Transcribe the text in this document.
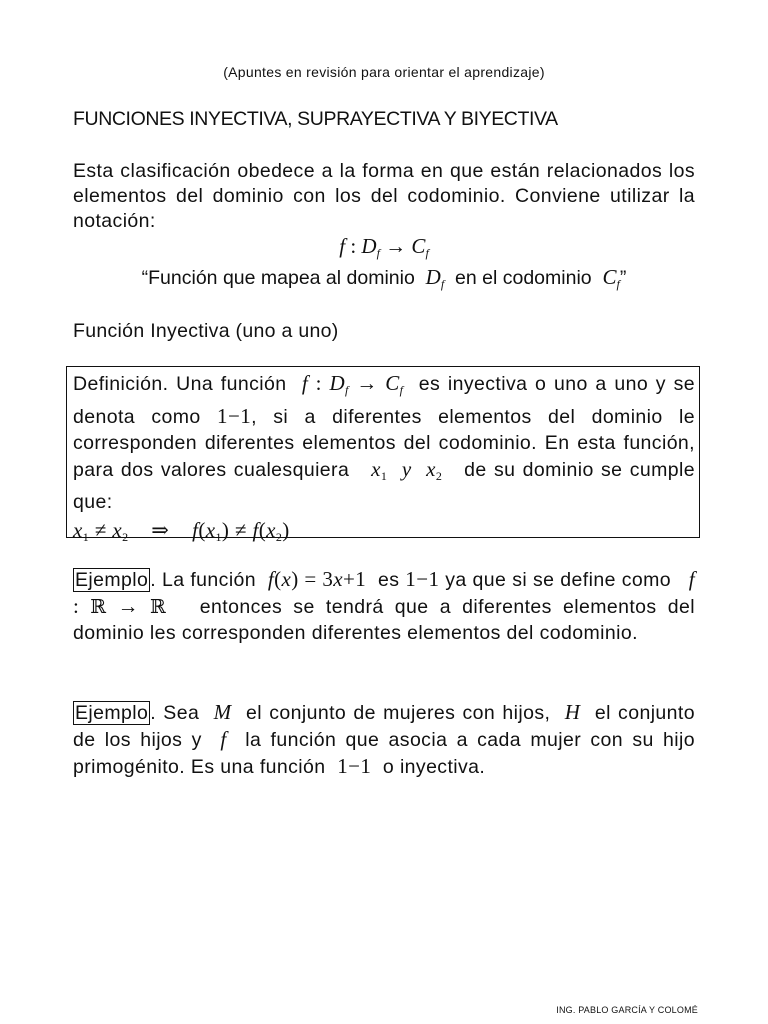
(Apuntes en revisión para orientar el aprendizaje)
FUNCIONES INYECTIVA, SUPRAYECTIVA Y BIYECTIVA
Esta clasificación obedece a la forma en que están relacionados los elementos del dominio con los del codominio. Conviene utilizar la notación:
f : $D_f \to C_f$
“Función que mapea al dominio $D_f$ en el codominio $C_f$”
Función Inyectiva (uno a uno)
Definición. Una función f : $D_f \to C_f$ es inyectiva o uno a uno y se denota como 1−1, si a diferentes elementos del dominio le corresponden diferentes elementos del codominio. En esta función, para dos valores cualesquiera $x_1$ y $x_2$ de su dominio se cumple que:
$x_1 \ne x_2$    ⇒    $f(x_1) \ne f(x_2)$
Ejemplo . La función f(x) = 3x+1 es 1−1 ya que si se define como f : ℝ → ℝ entonces se tendrá que a diferentes elementos del dominio les corresponden diferentes elementos del codominio.
Ejemplo . Sea M el conjunto de mujeres con hijos, H el conjunto de los hijos y f la función que asocia a cada mujer con su hijo primogénito. Es una función 1−1 o inyectiva.
ING. PABLO GARCÍA Y COLOMÉ
